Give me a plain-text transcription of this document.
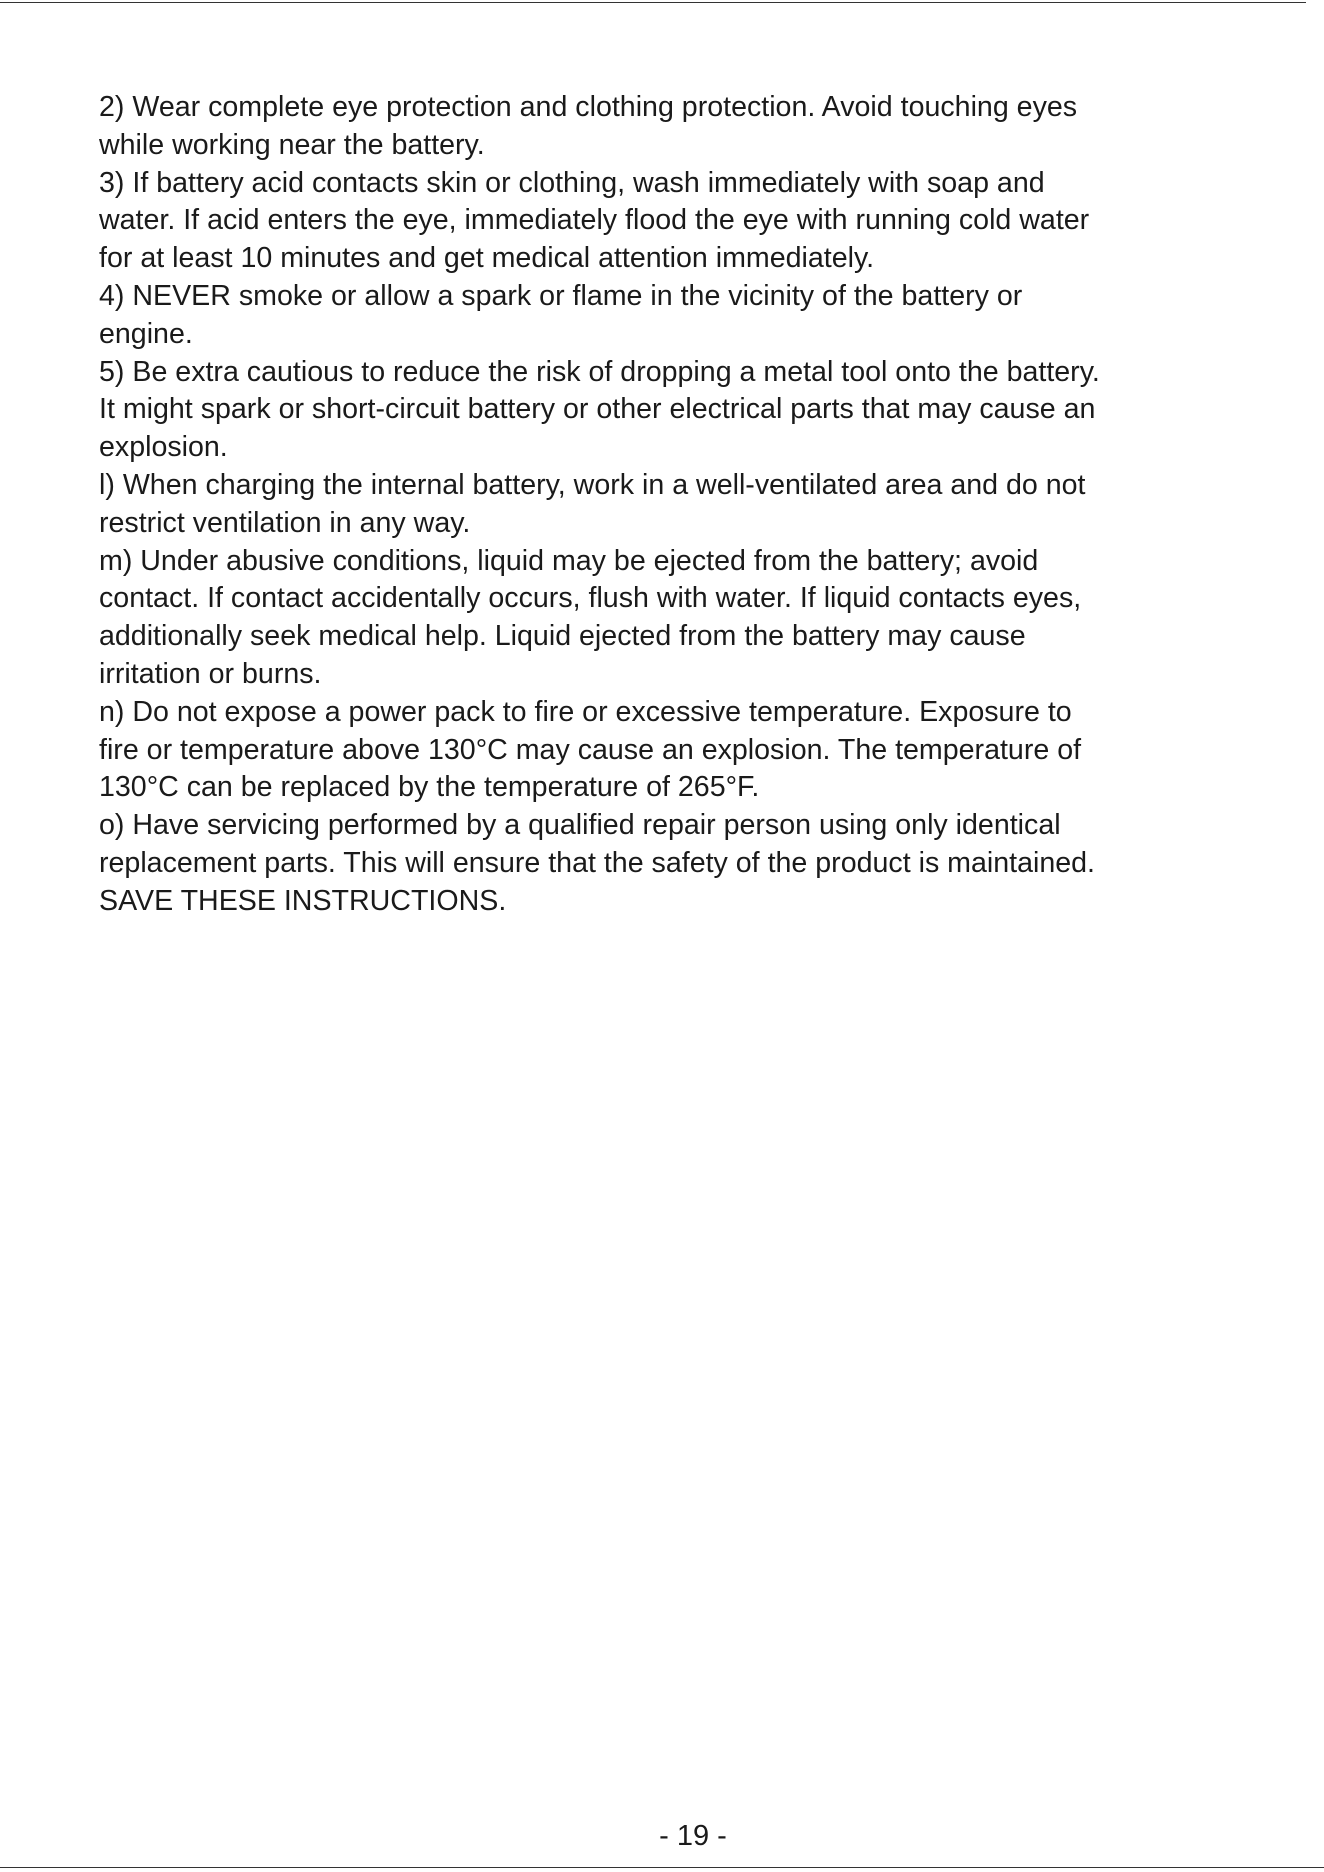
2) Wear complete eye protection and clothing protection. Avoid touching eyes
while working near the battery.
3) If battery acid contacts skin or clothing, wash immediately with soap and
water. If acid enters the eye, immediately flood the eye with running cold water
for at least 10 minutes and get medical attention immediately.
4) NEVER smoke or allow a spark or flame in the vicinity of the battery or
engine.
5) Be extra cautious to reduce the risk of dropping a metal tool onto the battery.
It might spark or short-circuit battery or other electrical parts that may cause an
explosion.
l) When charging the internal battery, work in a well-ventilated area and do not
restrict ventilation in any way.
m) Under abusive conditions, liquid may be ejected from the battery; avoid
contact. If contact accidentally occurs, flush with water. If liquid contacts eyes,
additionally seek medical help. Liquid ejected from the battery may cause
irritation or burns.
n) Do not expose a power pack to fire or excessive temperature. Exposure to
fire or temperature above 130°C may cause an explosion. The temperature of
130°C can be replaced by the temperature of 265°F.
o) Have servicing performed by a qualified repair person using only identical
replacement parts. This will ensure that the safety of the product is maintained.
SAVE THESE INSTRUCTIONS.
- 19 -
